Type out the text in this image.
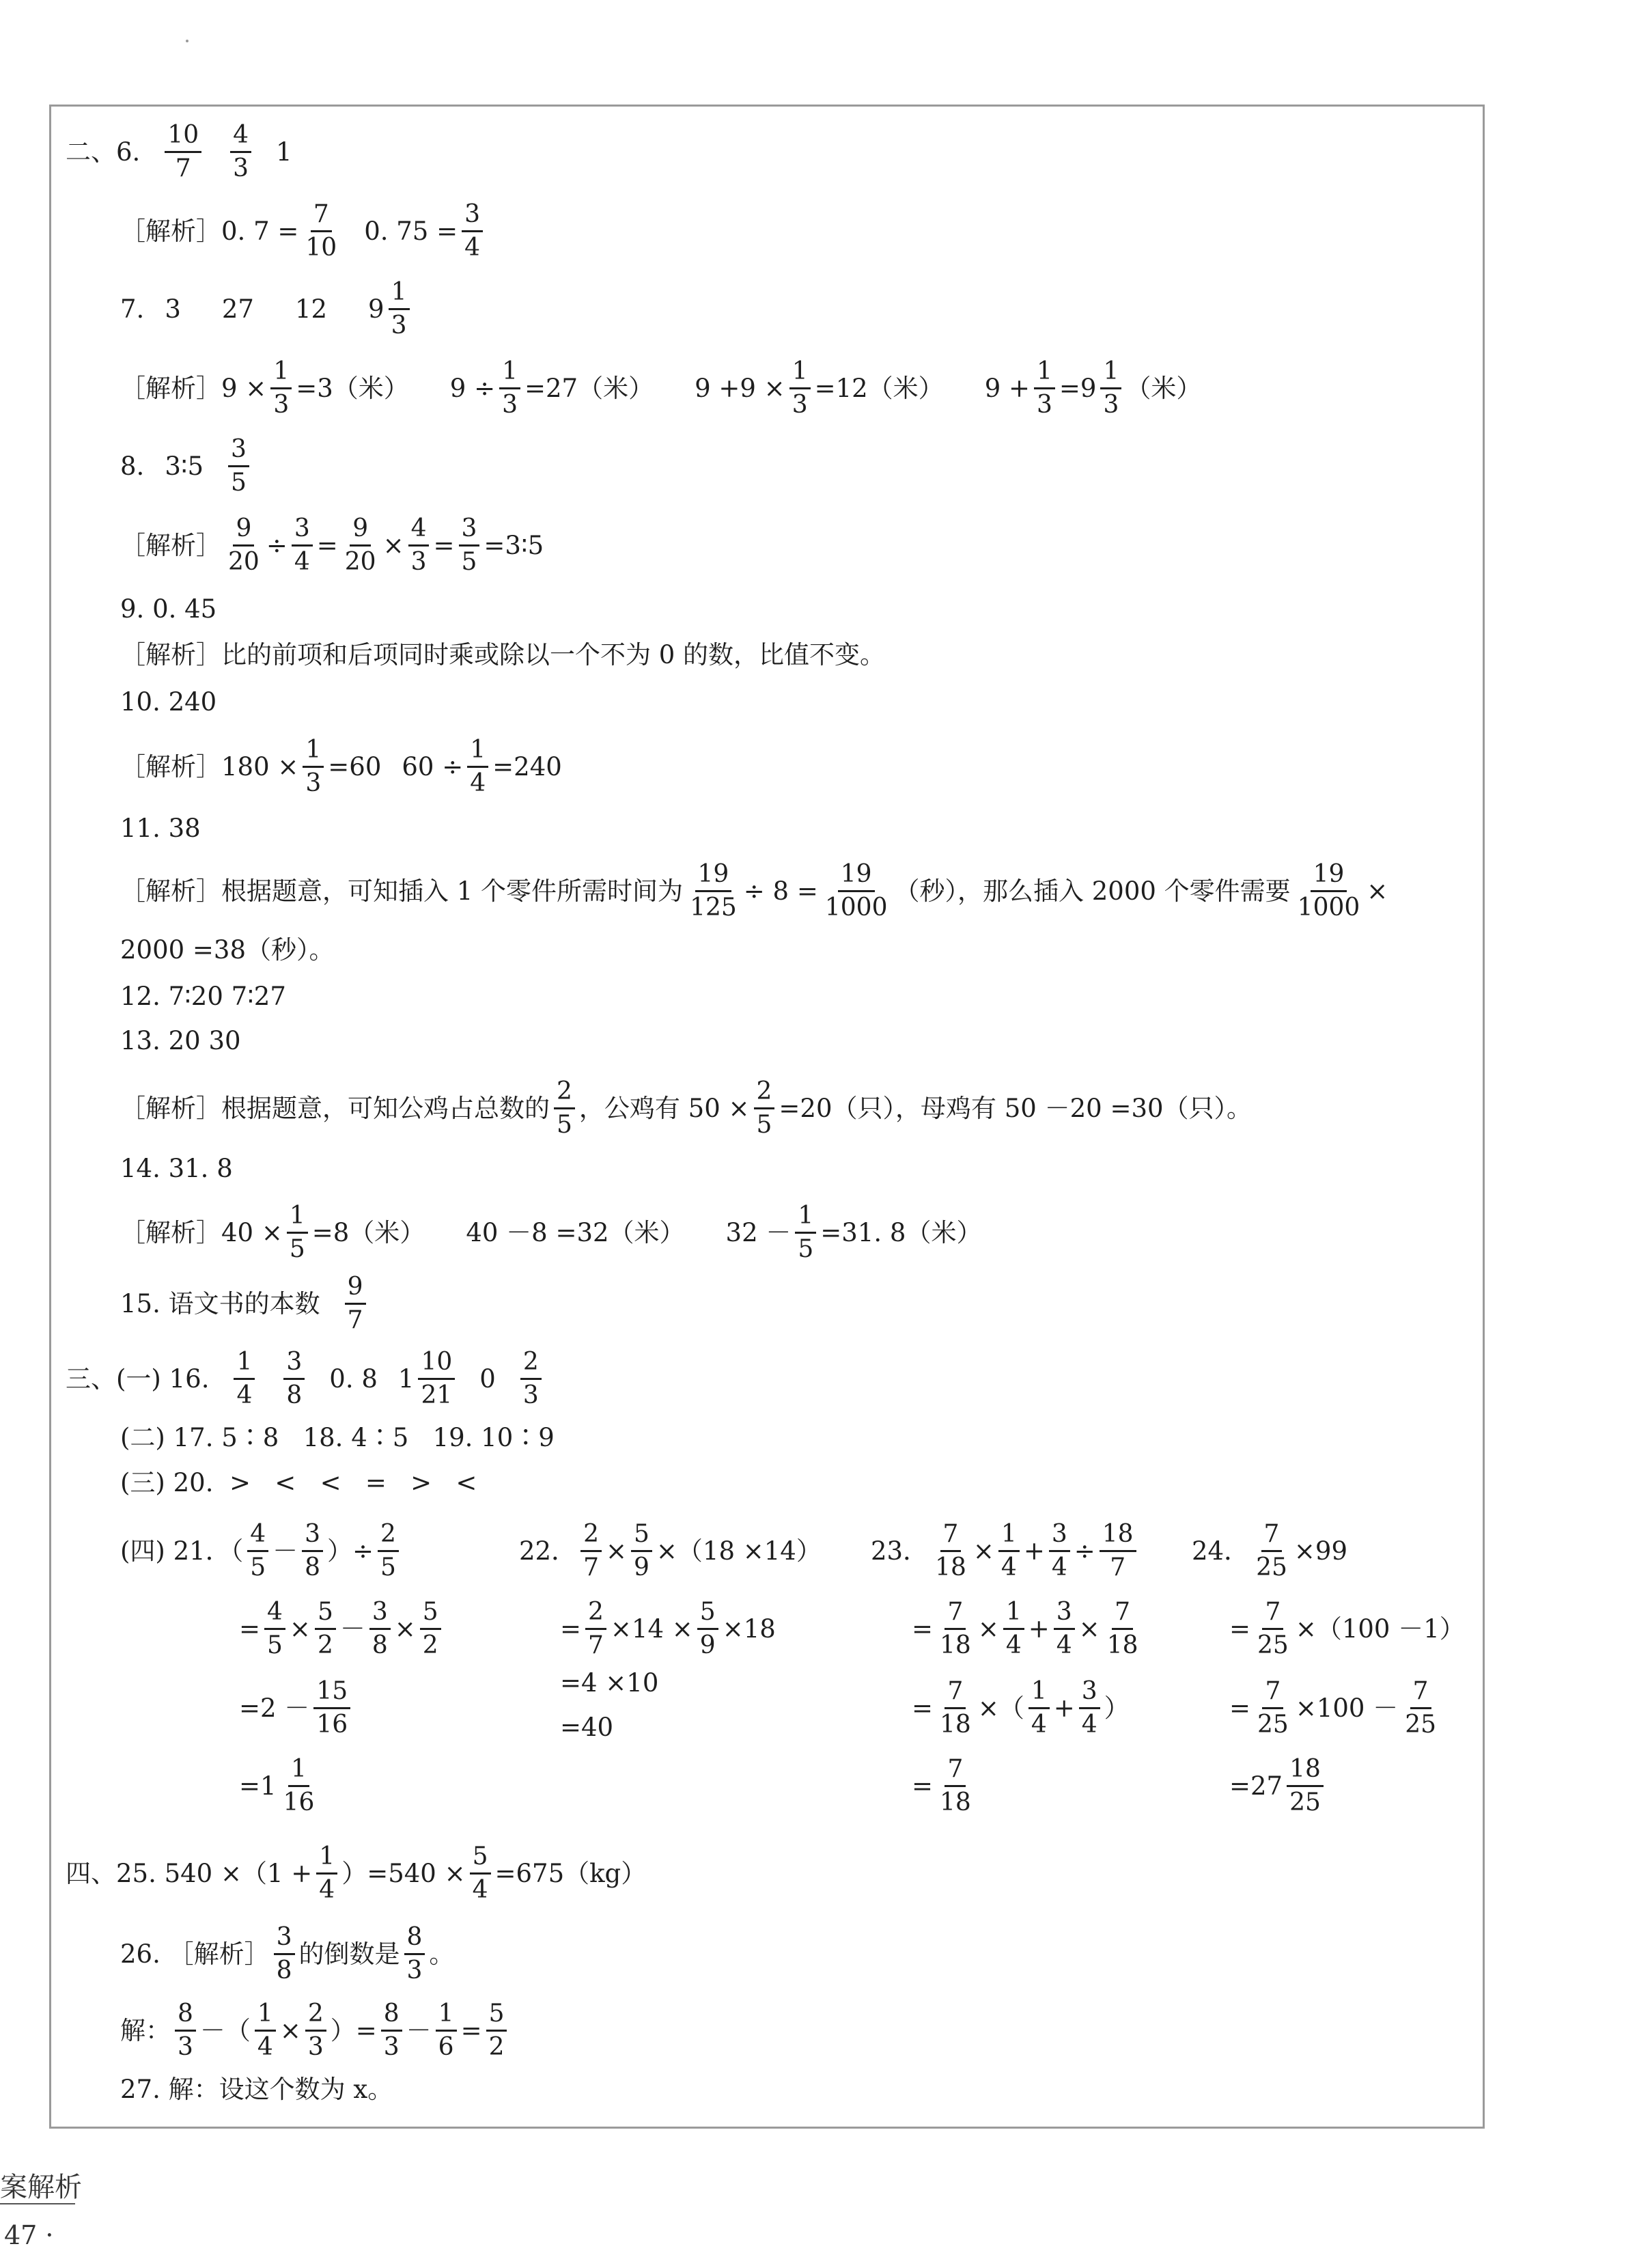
二、6. $\frac{10}{7} \frac{4}{3} 1$
［解析］0. $7 = \frac{7}{10} 0$. $75 = \frac{3}{4}$
7. 3 27 12 $9 \frac{1}{3}$
［解析］9 × $\frac{1}{3} =3$（米） $9 \div \frac{1}{3} =27$（米） $9 +9 \times \frac{1}{3} =12$（米） $9 + \frac{1}{3} =9 \frac{1}{3}$ （米）
8. 3∶5 $\frac{3}{5}$
［解析］ $\frac{9}{20} \div \frac{3}{4} = \frac{9}{20} \times \frac{4}{3} = \frac{3}{5}$ =3∶5
9. 0. 45
［解析］比的前项和后项同时乘或除以一个不为 0 的数，比值不变。
10. 240
［解析］180 × $\frac{1}{3} =60$ $60 \div \frac{1}{4} =240$
11. 38
［解析］根据题意，可知插入 1 个零件所需时间为 $\frac{19}{125} \div 8 = \frac{19}{1000}$ （秒），那么插入 2000 个零件需要 $\frac{19}{1000}$ ×
2000 =38（秒）。
12. 7∶20 7∶27
13. 20 30
［解析］根据题意，可知公鸡占总数的 $\frac{2}{5}$ ，公鸡有 $50 \times \frac{2}{5} =20$（只），母鸡有 50 －20 =30（只）。
14. 31. 8
［解析］40 × $\frac{1}{5} =8$（米） 40 －8 =32（米） $32 - \frac{1}{5} =31$. 8（米）
15. 语文书的本数 $\frac{9}{7}$
三、(一) 16. $\frac{1}{4} \frac{3}{8} 0$. 8 $1 \frac{10}{21} 0 \frac{2}{3}$
(二) 17. 5∶8   18. 4∶5   19. 10∶9
(三) 20.  >   <   <   =   >   <
(四) 21．（ $\frac{4}{5} - \frac{3}{8}$ ）÷ $\frac{2}{5}$
= $\frac{4}{5} \times \frac{5}{2} - \frac{3}{8} \times \frac{5}{2}$
$=2 - \frac{15}{16}$
$=1 \frac{1}{16}$
22． $\frac{2}{7} \times \frac{5}{9} \times(18 \times 14)$
= $\frac{2}{7} \times 14 \times \frac{5}{9} \times 18$
=4 ×10
=40
23． $\frac{7}{18} \times \frac{1}{4} + \frac{3}{4} \div \frac{18}{7}$
= $\frac{7}{18} \times \frac{1}{4} + \frac{3}{4} \times \frac{7}{18}$
= $\frac{7}{18}$ ×（ $\frac{1}{4} + \frac{3}{4}$ ）
= $\frac{7}{18}$
24． $\frac{7}{25} \times 99$
= $\frac{7}{25} \times(100 -1)$
= $\frac{7}{25} \times 100 - \frac{7}{25}$
$=27 \frac{18}{25}$
四、25. $540 \times(1 + \frac{1}{4} )=540 \times \frac{5}{4} =675(kg)$
26. ［解析］ $\frac{3}{8}$ 的倒数是 $\frac{8}{3}$ 。
解： $\frac{8}{3}$ －（ $\frac{1}{4} \times \frac{2}{3}$ ）= $\frac{8}{3} - \frac{1}{6} = \frac{5}{2}$
27. 解：设这个数为 x。
案解析
47 ·
